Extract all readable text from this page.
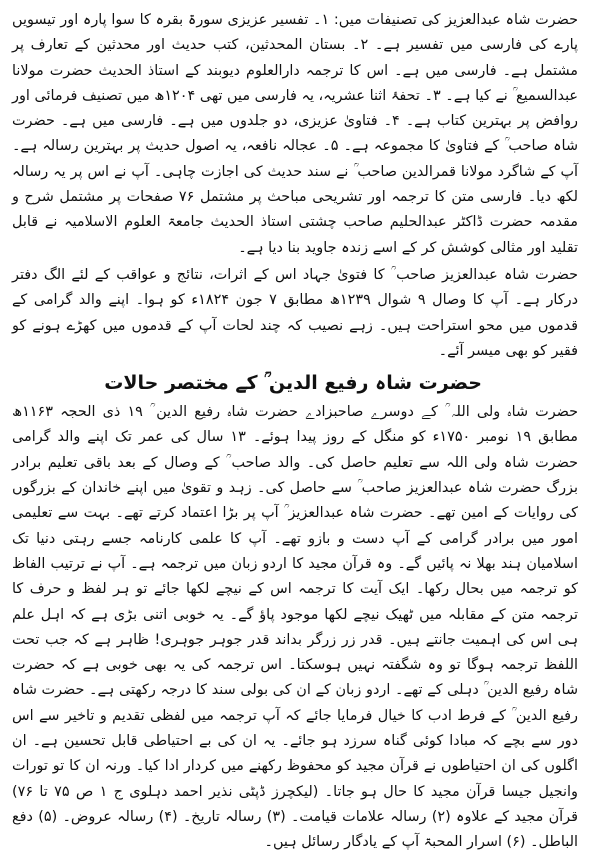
حضرت شاہ عبدالعزیز کی تصنیفات میں: ۱۔ تفسیر عزیزی سورۃ بقرہ کا سوا پارہ اور تیسویں پارے کی فارسی میں تفسیر ہے۔ ۲۔ بستان المحدثین، کتب حدیث اور محدثین کے تعارف پر مشتمل ہے۔ فارسی میں ہے۔ اس کا ترجمہ دارالعلوم دیوبند کے استاذ الحدیث حضرت مولانا عبدالسمیع ؒ نے کیا ہے۔ ۳۔ تحفۂ اثنا عشریہ، یہ فارسی میں تھی ۱۲۰۴ھ میں تصنیف فرمائی اور روافض پر بہترین کتاب ہے۔ ۴۔ فتاویٰ عزیزی، دو جلدوں میں ہے۔ فارسی میں ہے۔ حضرت شاہ صاحب ؒ کے فتاویٰ کا مجموعہ ہے۔ ۵۔ عجالہ نافعہ، یہ اصول حدیث پر بہترین رسالہ ہے۔ آپ کے شاگرد مولانا قمرالدین صاحب ؒ نے سند حدیث کی اجازت چاہی۔ آپ نے اس پر یہ رسالہ لکھ دیا۔ فارسی متن کا ترجمہ اور تشریحی مباحث پر مشتمل ۷۶ صفحات پر مشتمل شرح و مقدمہ حضرت ڈاکٹر عبدالحلیم صاحب چشتی استاذ الحدیث جامعۃ العلوم الاسلامیہ نے قابل تقلید اور مثالی کوشش کر کے اسے زندہ جاوید بنا دیا ہے۔

حضرت شاہ عبدالعزیز صاحب ؒ کا فتویٰ جہاد اس کے اثرات، نتائج و عواقب کے لئے الگ دفتر درکار ہے۔ آپ کا وصال ۹ شوال ۱۲۳۹ھ مطابق ۷ جون ۱۸۲۴ء کو ہوا۔ اپنے والد گرامی کے قدموں میں محو استراحت ہیں۔ زہے نصیب کہ چند لحات آپ کے قدموں میں کھڑے ہونے کو فقیر کو بھی میسر آئے۔

حضرت شاہ رفیع الدین ؒ کے مختصر حالات

حضرت شاہ ولی اللہ ؒ کے دوسرے صاحبزادے حضرت شاہ رفیع الدین ؒ ۱۹ ذی الحجہ ۱۱۶۳ھ مطابق ۱۹ نومبر ۱۷۵۰ء کو منگل کے روز پیدا ہوئے۔ ۱۳ سال کی عمر تک اپنے والد گرامی حضرت شاہ ولی اللہ سے تعلیم حاصل کی۔ والد صاحب ؒ کے وصال کے بعد باقی تعلیم برادر بزرگ حضرت شاہ عبدالعزیز صاحب ؒ سے حاصل کی۔ زہد و تقویٰ میں اپنے خاندان کے بزرگوں کی روایات کے امین تھے۔ حضرت شاہ عبدالعزیز ؒ آپ پر بڑا اعتماد کرتے تھے۔ بہت سے تعلیمی امور میں برادر گرامی کے آپ دست و بازو تھے۔ آپ کا علمی کارنامہ جسے رہتی دنیا تک اسلامیان ہند بھلا نہ پائیں گے۔ وہ قرآن مجید کا اردو زبان میں ترجمہ ہے۔ آپ نے ترتیب الفاظ کو ترجمہ میں بحال رکھا۔ ایک آیت کا ترجمہ اس کے نیچے لکھا جائے تو ہر لفظ و حرف کا ترجمہ متن کے مقابلہ میں ٹھیک نیچے لکھا موجود پاؤ گے۔ یہ خوبی اتنی بڑی ہے کہ اہل علم ہی اس کی اہمیت جانتے ہیں۔ قدر زر زرگر بداند قدر جوہر جوہری! ظاہر ہے کہ جب تحت اللفظ ترجمہ ہوگا تو وہ شگفتہ نہیں ہوسکتا۔ اس ترجمہ کی یہ بھی خوبی ہے کہ حضرت شاہ رفیع الدین ؒ دہلی کے تھے۔ اردو زبان کے ان کی بولی سند کا درجہ رکھتی ہے۔ حضرت شاہ رفیع الدین ؒ کے فرط ادب کا خیال فرمایا جائے کہ آپ ترجمہ میں لفظی تقدیم و تاخیر سے اس دور سے بچے کہ مبادا کوئی گناہ سرزد ہو جائے۔ یہ ان کی بے احتیاطی قابل تحسین ہے۔ ان اگلوں کی ان احتیاطوں نے قرآن مجید کو محفوظ رکھنے میں کردار ادا کیا۔ ورنہ ان کا تو تورات وانجیل جیسا قرآن مجید کا حال ہو جاتا۔ (لیکچرز ڈپٹی نذیر احمد دہلوی ج ۱ ص ۷۵ تا ۷۶) قرآن مجید کے علاوہ (۲) رسالہ علامات قیامت۔ (۳) رسالہ تاریخ۔ (۴) رسالہ عروض۔ (۵) دفع الباطل۔ (۶) اسرار المحبۃ آپ کے یادگار رسائل ہیں۔
